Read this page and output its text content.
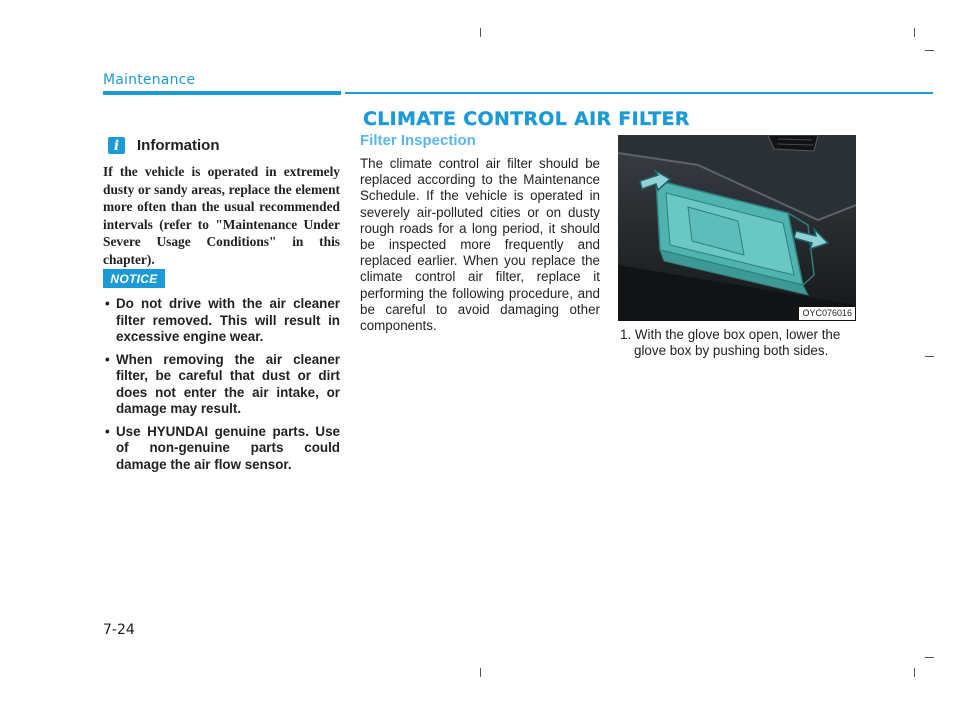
Maintenance
i	Information
If the vehicle is operated in extremely dusty or sandy areas, replace the element more often than the usual recommended intervals (refer to "Maintenance Under Severe Usage Conditions" in this chapter).
NOTICE
• Do not drive with the air cleaner filter removed. This will result in excessive engine wear.
• When removing the air cleaner filter, be careful that dust or dirt does not enter the air intake, or damage may result.
• Use HYUNDAI genuine parts. Use of non-genuine parts could damage the air flow sensor.
CLIMATE CONTROL AIR FILTER
Filter Inspection
The climate control air filter should be replaced according to the Maintenance Schedule. If the vehicle is operated in severely air-polluted cities or on dusty rough roads for a long period, it should be inspected more frequently and replaced earlier. When you replace the climate control air filter, replace it performing the following procedure, and be careful to avoid damaging other components.
OYC076016
1. With the glove box open, lower the glove box by pushing both sides.
7-24
